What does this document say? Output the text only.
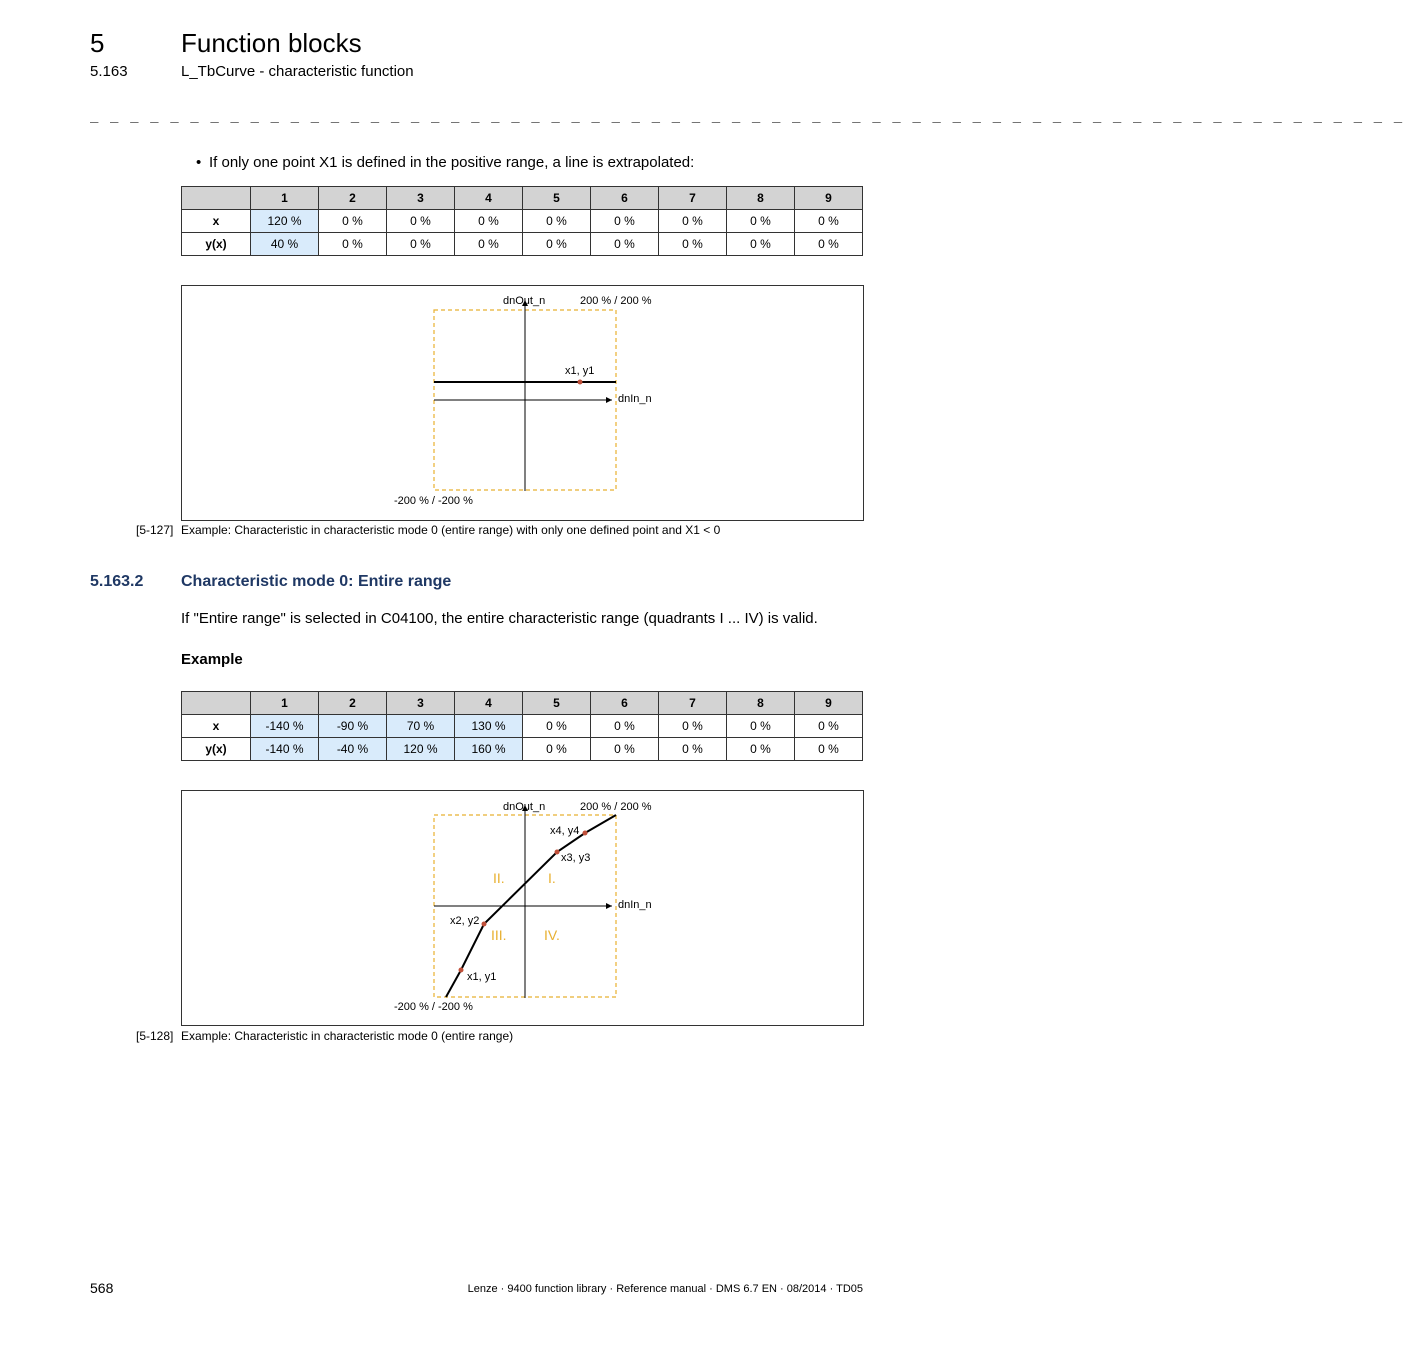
5	Function blocks
5.163	L_TbCurve - characteristic function
_ _ _ _ _ _ _ _ _ _ _ _ _ _ _ _ _ _ _ _ _ _ _ _ _ _ _ _ _ _ _ _ _ _ _ _ _ _ _ _ _ _ _ _ _ _ _ _ _ _ _ _ _ _ _ _ _ _ _ _ _ _ _ _ _ _
• If only one point X1 is defined in the positive range, a line is extrapolated:
	1	2	3	4	5	6	7	8	9
x	120 %	0 %	0 %	0 %	0 %	0 %	0 %	0 %	0 %
y(x)	40 %	0 %	0 %	0 %	0 %	0 %	0 %	0 %	0 %
dnOut_n	200 % / 200 %
x1, y1
dnIn_n
-200 % / -200 %
[5-127] Example: Characteristic in characteristic mode 0 (entire range) with only one defined point and X1 < 0
5.163.2 Characteristic mode 0: Entire range
If "Entire range" is selected in C04100, the entire characteristic range (quadrants I ... IV) is valid.
Example
	1	2	3	4	5	6	7	8	9
x	-140 %	-90 %	70 %	130 %	0 %	0 %	0 %	0 %	0 %
y(x)	-140 %	-40 %	120 %	160 %	0 %	0 %	0 %	0 %	0 %
dnOut_n	200 % / 200 %
dnIn_n
-200 % / -200 %
x1, y1
x2, y2
x3, y3
x4, y4
I.
II.
III.	IV.
[5-128] Example: Characteristic in characteristic mode 0 (entire range)
568	Lenze · 9400 function library · Reference manual · DMS 6.7 EN · 08/2014 · TD05
